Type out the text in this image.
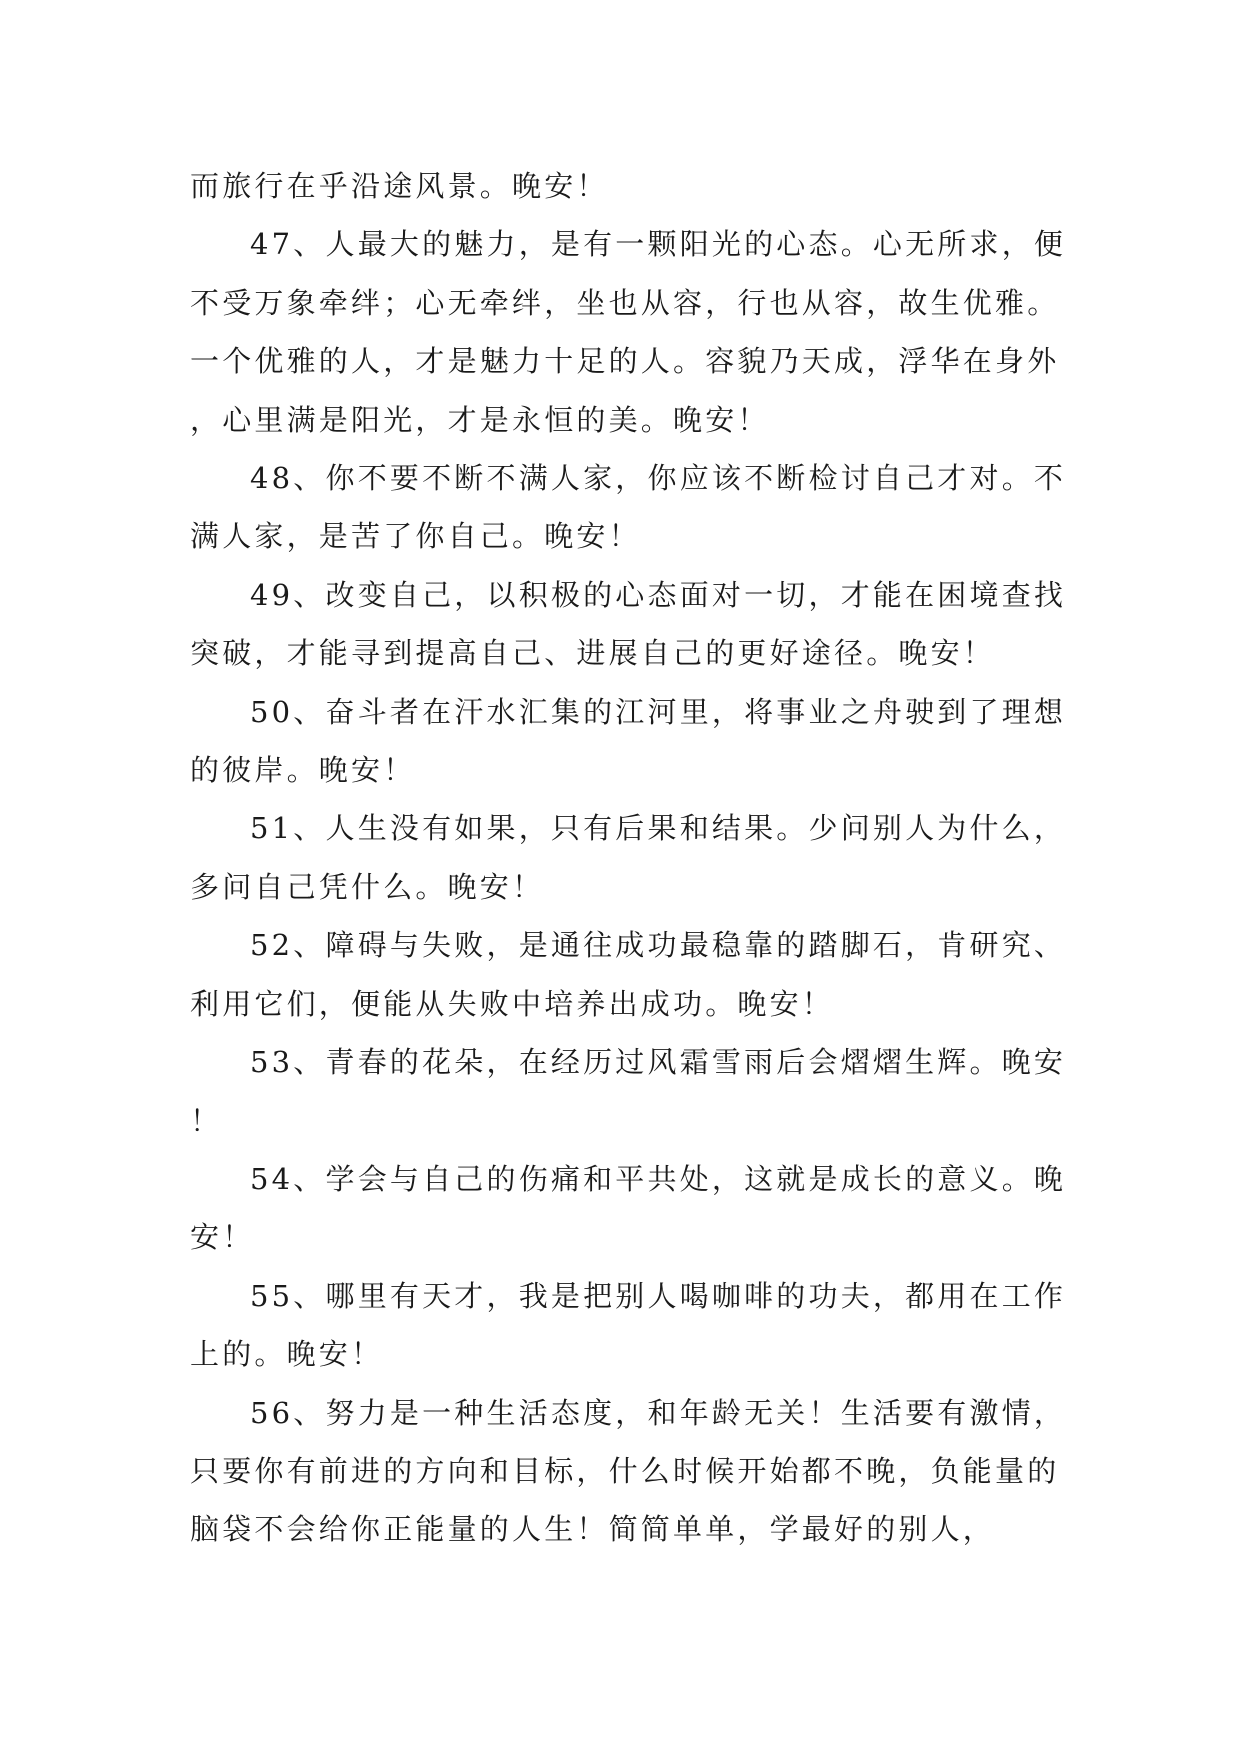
而旅行在乎沿途风景。晚安！

47、人最大的魅力，是有一颗阳光的心态。心无所求，便不受万象牵绊；心无牵绊，坐也从容，行也从容，故生优雅。一个优雅的人，才是魅力十足的人。容貌乃天成，浮华在身外，心里满是阳光，才是永恒的美。晚安！

48、你不要不断不满人家，你应该不断检讨自己才对。不满人家，是苦了你自己。晚安！

49、改变自己，以积极的心态面对一切，才能在困境查找突破，才能寻到提高自己、进展自己的更好途径。晚安！

50、奋斗者在汗水汇集的江河里，将事业之舟驶到了理想的彼岸。晚安！

51、人生没有如果，只有后果和结果。少问别人为什么，多问自己凭什么。晚安！

52、障碍与失败，是通往成功最稳靠的踏脚石，肯研究、利用它们，便能从失败中培养出成功。晚安！

53、青春的花朵，在经历过风霜雪雨后会熠熠生辉。晚安！

54、学会与自己的伤痛和平共处，这就是成长的意义。晚安！

55、哪里有天才，我是把别人喝咖啡的功夫，都用在工作上的。晚安！

56、努力是一种生活态度，和年龄无关！生活要有激情，只要你有前进的方向和目标，什么时候开始都不晚，负能量的脑袋不会给你正能量的人生！简简单单，学最好的别人，
